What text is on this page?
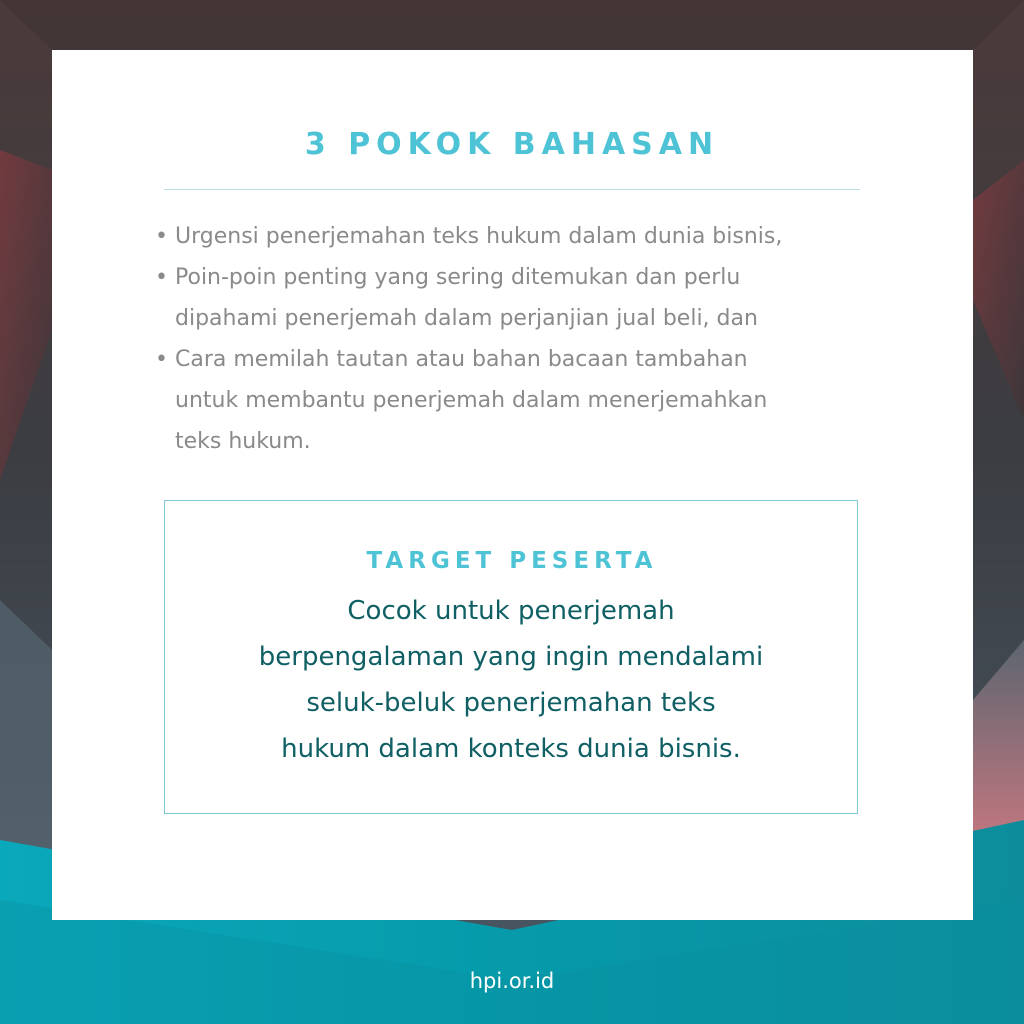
3 POKOK BAHASAN
• Urgensi penerjemahan teks hukum dalam dunia bisnis,
• Poin-poin penting yang sering ditemukan dan perlu
dipahami penerjemah dalam perjanjian jual beli, dan
• Cara memilah tautan atau bahan bacaan tambahan
untuk membantu penerjemah dalam menerjemahkan
teks hukum.
TARGET PESERTA

Cocok untuk penerjemah
berpengalaman yang ingin mendalami
seluk-beluk penerjemahan teks
hukum dalam konteks dunia bisnis.

hpi.or.id
